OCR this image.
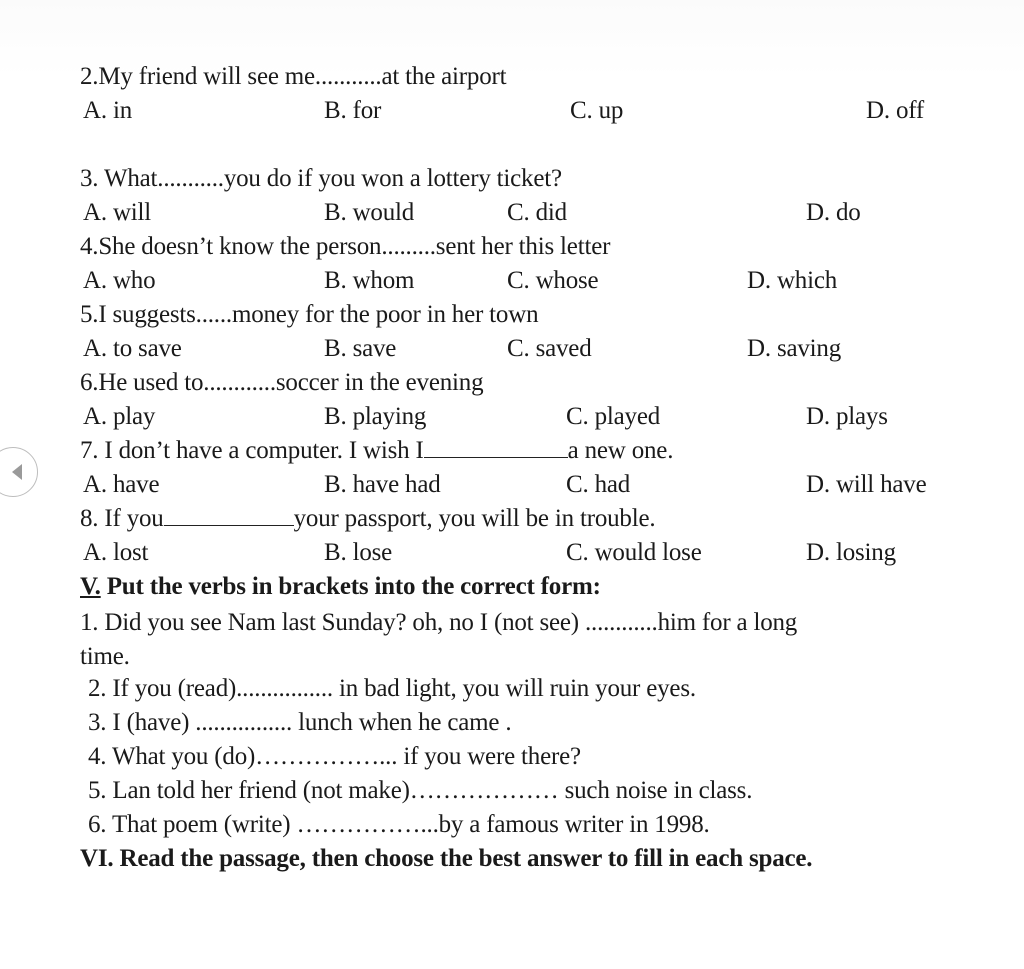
2.My friend will see me...........at the airport
A. in	B. for	C. up	D. off
3. What...........you do if you won a lottery ticket?
A. will	B. would	C. did	D. do
4.She doesn’t know the person.........sent her this letter
A. who	B. whom	C. whose	D. which
5.I suggests......money for the poor in her town
A. to save	B. save	C. saved	D. saving
6.He used to............soccer in the evening
A. play	B. playing	C. played	D. plays
7. I don’t have a computer. I wish I	a new one.
A. have	B. have had	C. had	D. will have
8. If you	your passport, you will be in trouble.
A. lost	B. lose	C. would lose	D. losing
V. Put the verbs in brackets into the correct form:
1. Did you see Nam last Sunday? oh, no I (not see) ............him for a long
time.
2. If you (read)................ in bad light, you will ruin your eyes.
3. I (have) ................ lunch when he came .
4. What you (do)……………... if you were there?
5. Lan told her friend (not make)……………… such noise in class.
6. That poem (write) ……………...by a famous writer in 1998.
VI. Read the passage, then choose the best answer to fill in each space.
